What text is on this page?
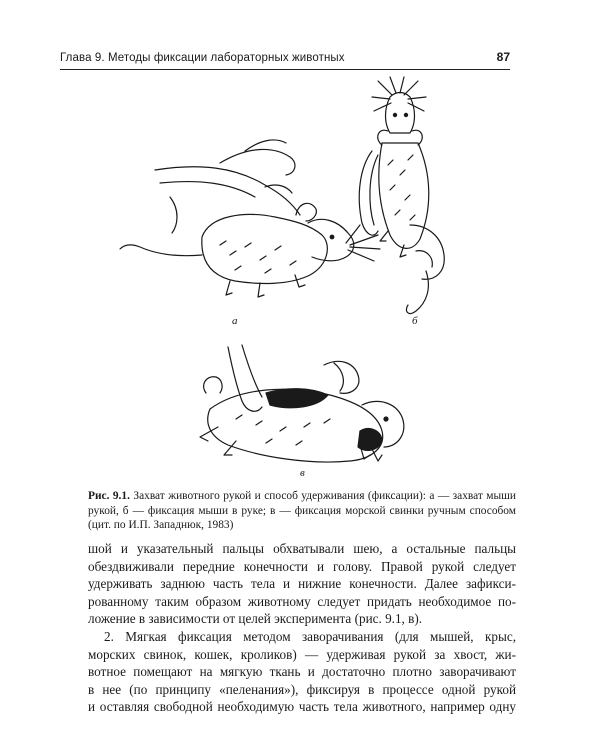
Глава 9. Методы фиксации лабораторных животных	87
а	б
в
Рис. 9.1. Захват животного рукой и способ удерживания (фиксации): а — захват мыши рукой, б — фиксация мыши в руке; в — фиксация морской свинки ручным способом (цит. по И.П. Западнюк, 1983)

шой и указательный пальцы обхватывали шею, а остальные пальцы

обездвиживали передние конечности и голову. Правой рукой следует

удерживать заднюю часть тела и нижние конечности. Далее зафикси-

рованному таким образом животному следует придать необходимое по-

ложение в зависимости от целей эксперимента (рис. 9.1, в).

2. Мягкая фиксация методом заворачивания (для мышей, крыс,

морских свинок, кошек, кроликов) — удерживая рукой за хвост, жи-

вотное помещают на мягкую ткань и достаточно плотно заворачивают

в нее (по принципу «пеленания»), фиксируя в процессе одной рукой

и оставляя свободной необходимую часть тела животного, например одну
